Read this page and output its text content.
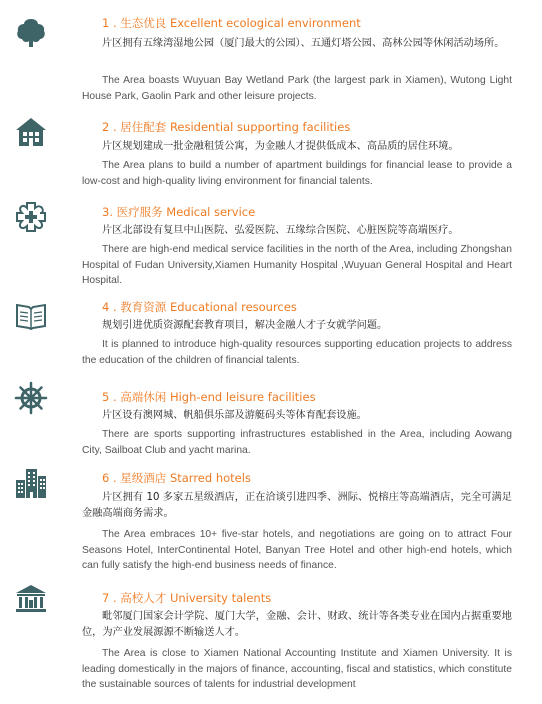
1 . 生态优良 Excellent ecological environment
片区拥有五缘湾湿地公园（厦门最大的公园）、五通灯塔公园、高林公园等休闲活动场所。
The Area boasts Wuyuan Bay Wetland Park (the largest park in Xiamen), Wutong Light House Park, Gaolin Park and other leisure projects.
2 . 居住配套 Residential supporting facilities
片区规划建成一批金融租赁公寓，为金融人才提供低成本、高品质的居住环境。
The Area plans to build a number of apartment buildings for financial lease to provide a low-cost and high-quality living environment for financial talents.
3. 医疗服务 Medical service
片区北部设有复旦中山医院、弘爱医院、五缘综合医院、心脏医院等高端医疗。
There are high-end medical service facilities in the north of the Area, including Zhongshan Hospital of Fudan University,Xiamen Humanity Hospital ,Wuyuan General Hospital and Heart Hospital.
4 . 教育资源 Educational resources
规划引进优质资源配套教育项目，解决金融人才子女就学问题。
It is planned to introduce high-quality resources supporting education projects to address the education of the children of financial talents.
5 . 高端休闲 High-end leisure facilities
片区设有澳网城、帆船俱乐部及游艇码头等体育配套设施。
There are sports supporting infrastructures established in the Area, including Aowang City, Sailboat Club and yacht marina.
6 . 星级酒店 Starred hotels
片区拥有 10 多家五星级酒店，正在洽谈引进四季、洲际、悦榕庄等高端酒店，完全可满足金融高端商务需求。
The Area embraces 10+ five-star hotels, and negotiations are going on to attract Four Seasons Hotel, InterContinental Hotel, Banyan Tree Hotel and other high-end hotels, which can fully satisfy the high-end business needs of finance.
7 . 高校人才 University talents
毗邻厦门国家会计学院、厦门大学，金融、会计、财政、统计等各类专业在国内占据重要地位，为产业发展源源不断输送人才。
The Area is close to Xiamen National Accounting Institute and Xiamen University. It is leading domestically in the majors of finance, accounting, fiscal and statistics, which constitute the sustainable sources of talents for industrial development
